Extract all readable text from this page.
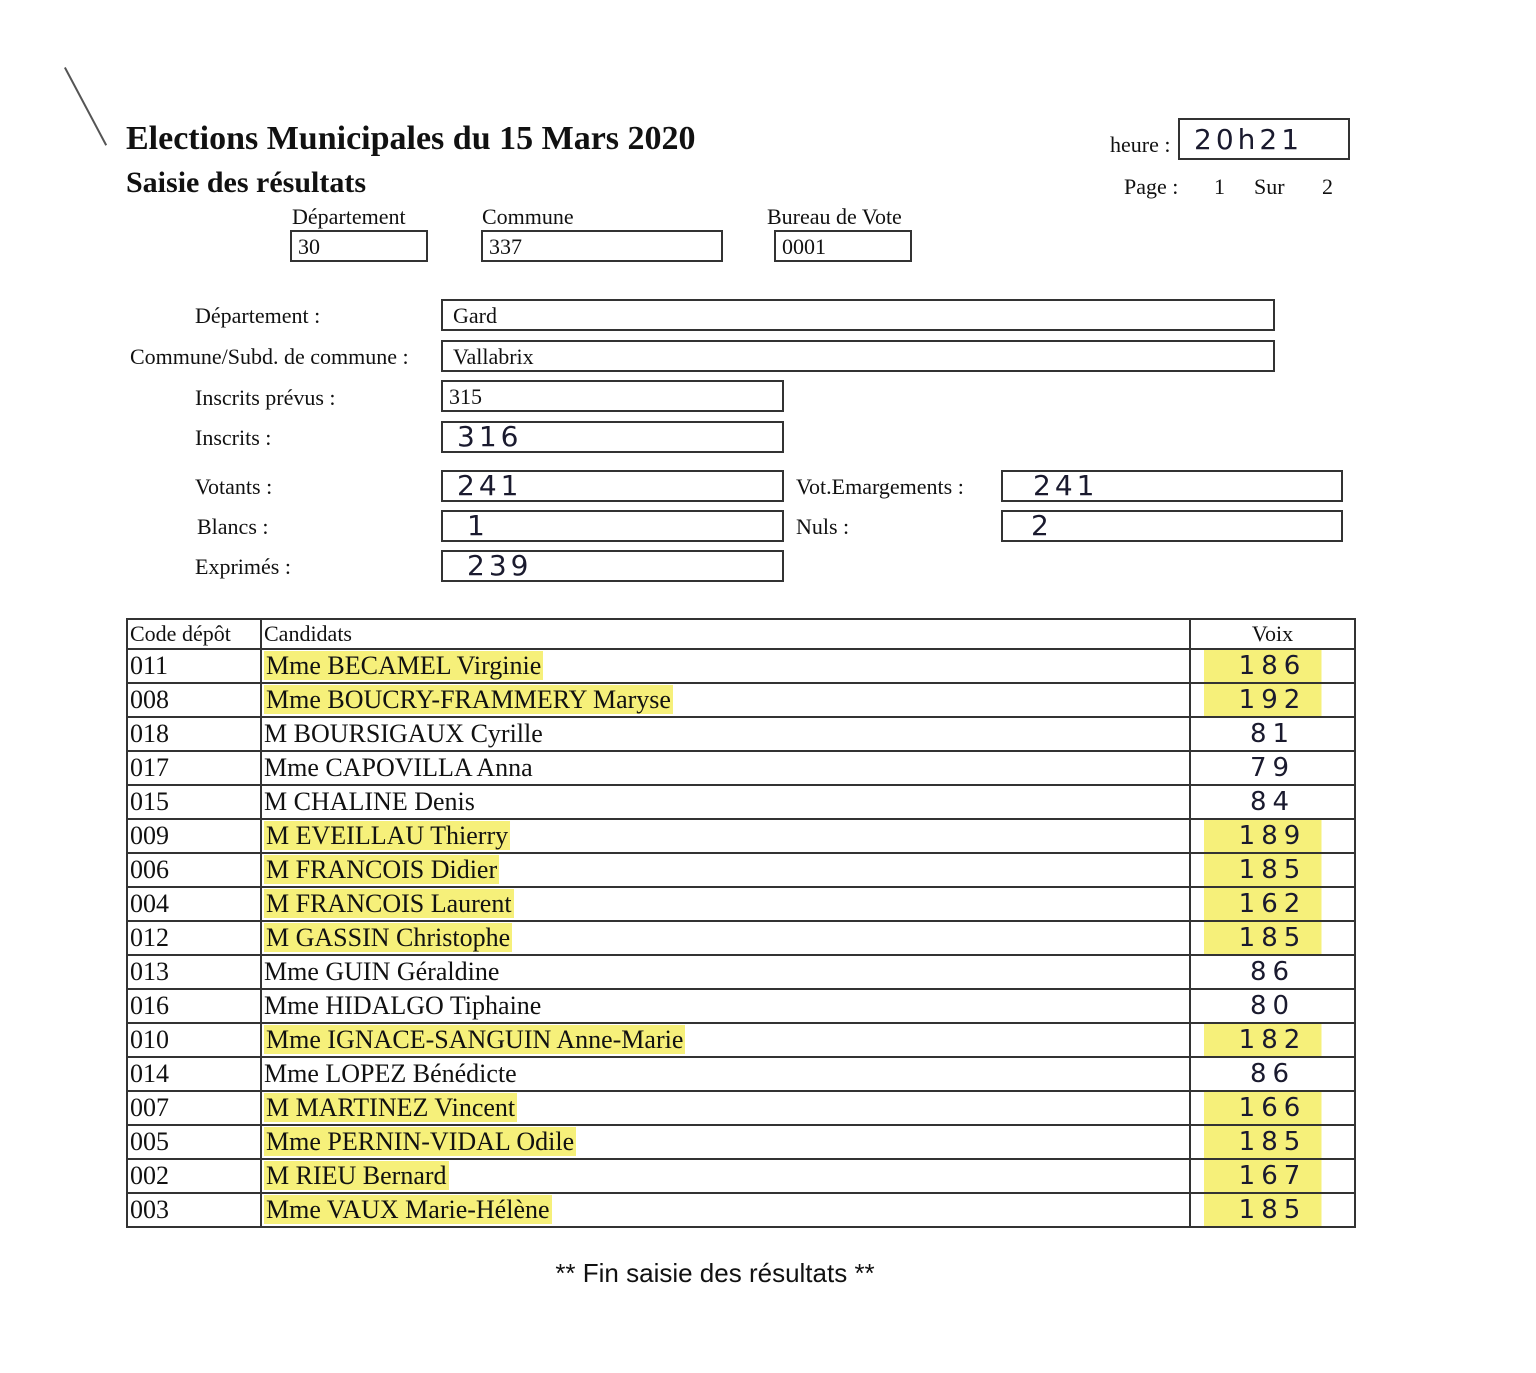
Elections Municipales du 15 Mars 2020
Saisie des résultats
heure : 20h21
Page : 1 Sur 2
Département
30
Commune
337
Bureau de Vote
0001
Département :	Gard
Commune/Subd. de commune :	Vallabrix
Inscrits prévus :	315
Inscrits :	316
Votants :	241	Vot.Emargements :	241
Blancs :	1	Nuls :	2
Exprimés :	239
Code dépôt	Candidats	Voix
011	Mme BECAMEL Virginie	186
008	Mme BOUCRY-FRAMMERY Maryse	192
018	M BOURSIGAUX Cyrille	81
017	Mme CAPOVILLA Anna	79
015	M CHALINE Denis	84
009	M EVEILLAU Thierry	189
006	M FRANCOIS Didier	185
004	M FRANCOIS Laurent	162
012	M GASSIN Christophe	185
013	Mme GUIN Géraldine	86
016	Mme HIDALGO Tiphaine	80
010	Mme IGNACE-SANGUIN Anne-Marie	182
014	Mme LOPEZ Bénédicte	86
007	M MARTINEZ Vincent	166
005	Mme PERNIN-VIDAL Odile	185
002	M RIEU Bernard	167
003	Mme VAUX Marie-Hélène	185
** Fin saisie des résultats **
